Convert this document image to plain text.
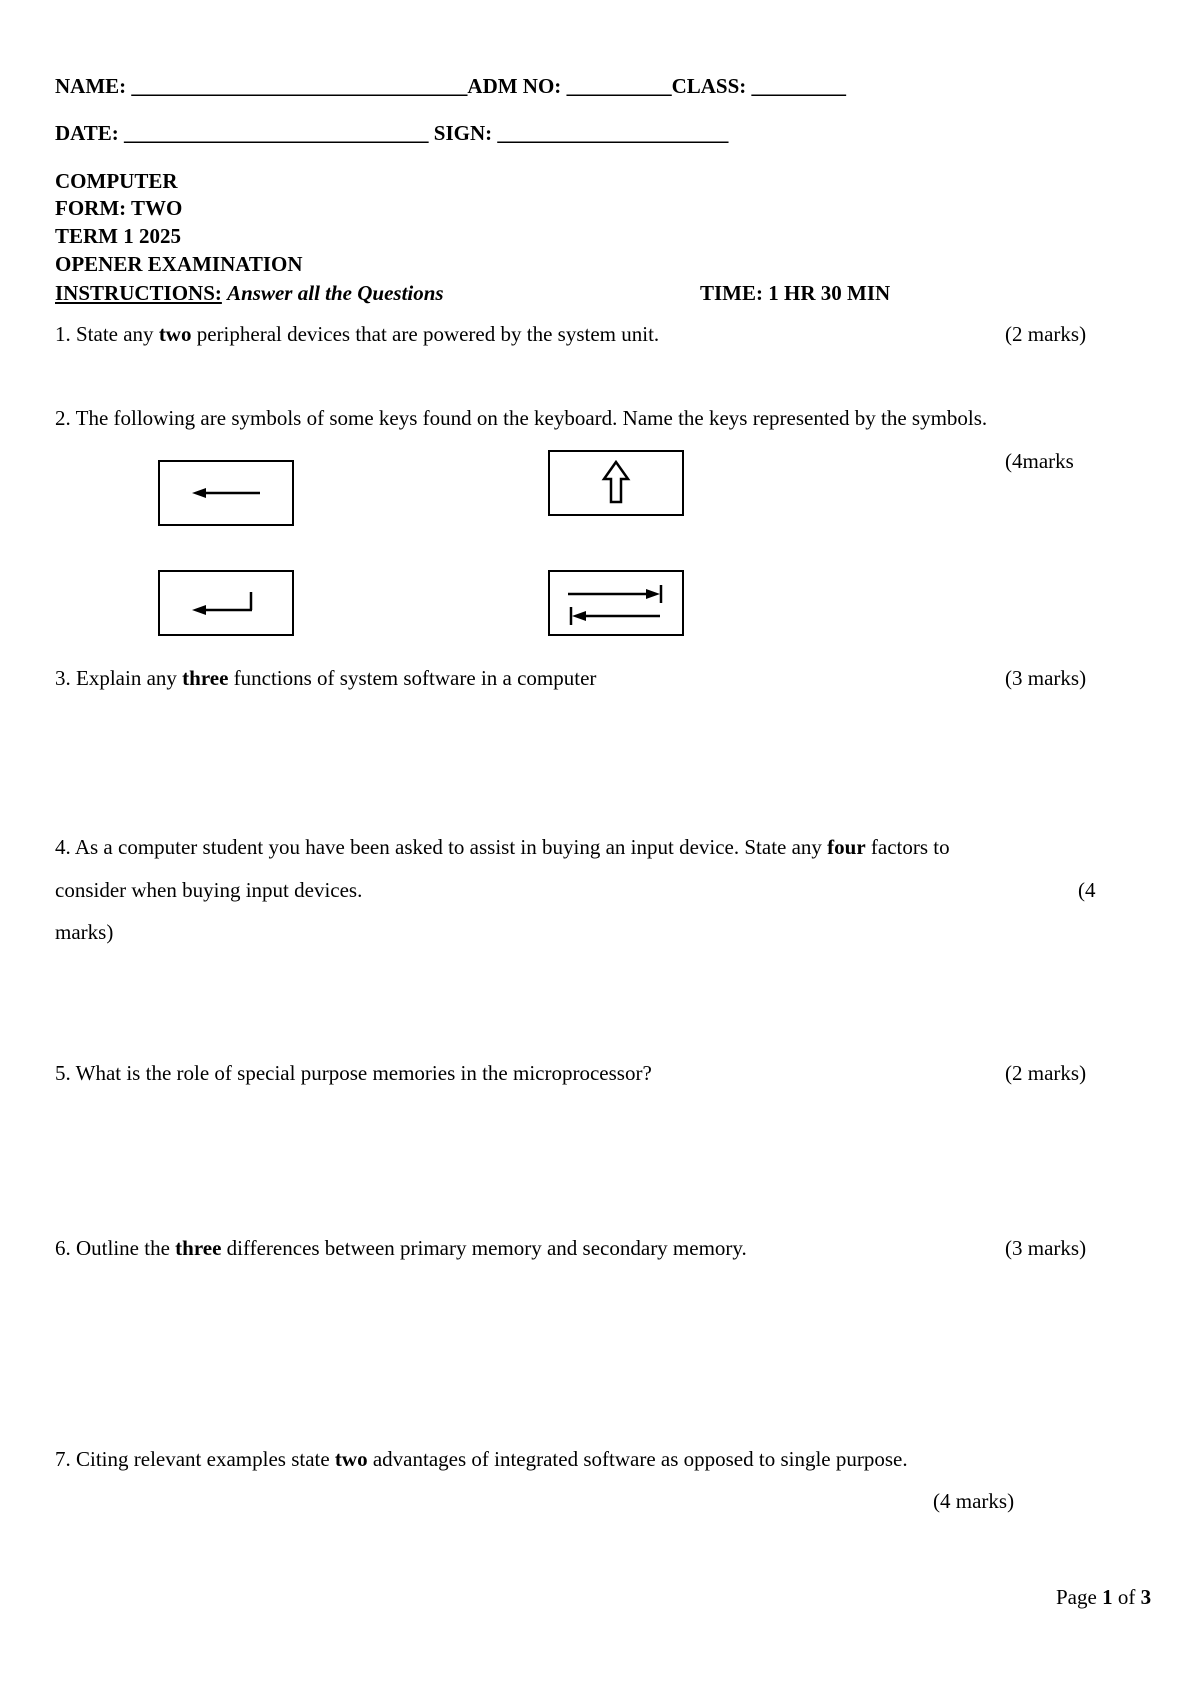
NAME: ________________________________ADM NO: __________CLASS: _________
DATE: _____________________________ SIGN: ______________________
COMPUTER
FORM: TWO
TERM 1 2025
OPENER EXAMINATION
INSTRUCTIONS: Answer all the Questions	TIME: 1 HR 30 MIN
1. State any two peripheral devices that are powered by the system unit.	(2 marks)
2. The following are symbols of some keys found on the keyboard. Name the keys represented by the symbols.
(4marks
3. Explain any three functions of system software in a computer	(3 marks)
4. As a computer student you have been asked to assist in buying an input device. State any four factors to
consider when buying input devices.	(4
marks)
5. What is the role of special purpose memories in the microprocessor?	(2 marks)
6. Outline the three differences between primary memory and secondary memory.	(3 marks)
7. Citing relevant examples state two advantages of integrated software as opposed to single purpose.
(4 marks)
Page 1 of 3
